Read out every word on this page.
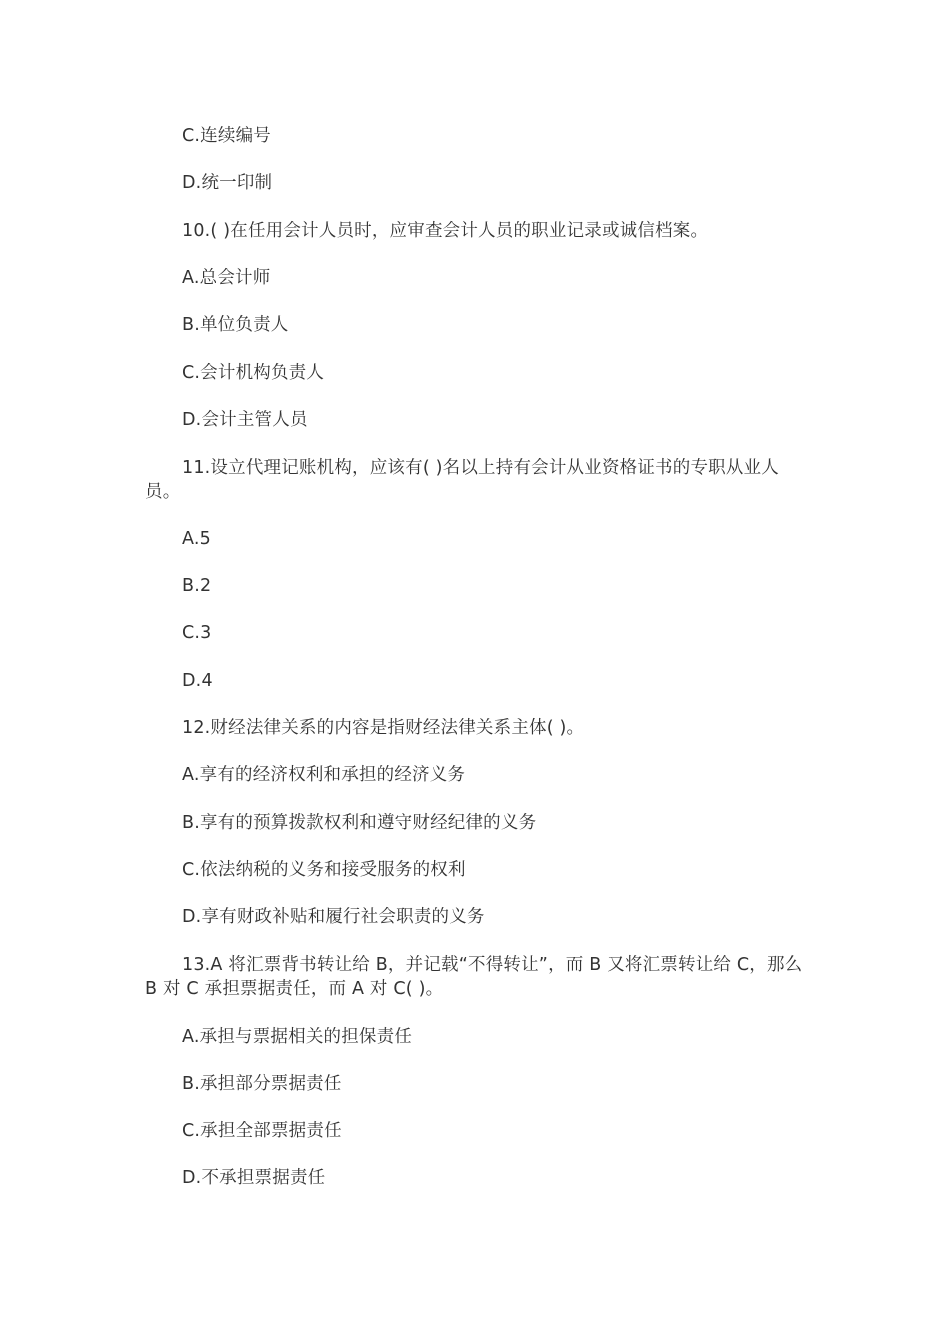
C.连续编号
D.统一印制
10.( )在任用会计人员时，应审查会计人员的职业记录或诚信档案。
A.总会计师
B.单位负责人
C.会计机构负责人
D.会计主管人员
11.设立代理记账机构，应该有( )名以上持有会计从业资格证书的专职从业人员。
A.5
B.2
C.3
D.4
12.财经法律关系的内容是指财经法律关系主体( )。
A.享有的经济权利和承担的经济义务
B.享有的预算拨款权利和遵守财经纪律的义务
C.依法纳税的义务和接受服务的权利
D.享有财政补贴和履行社会职责的义务
13.A 将汇票背书转让给 B，并记载“不得转让”，而 B 又将汇票转让给 C，那么 B 对 C 承担票据责任，而 A 对 C( )。
A.承担与票据相关的担保责任
B.承担部分票据责任
C.承担全部票据责任
D.不承担票据责任
